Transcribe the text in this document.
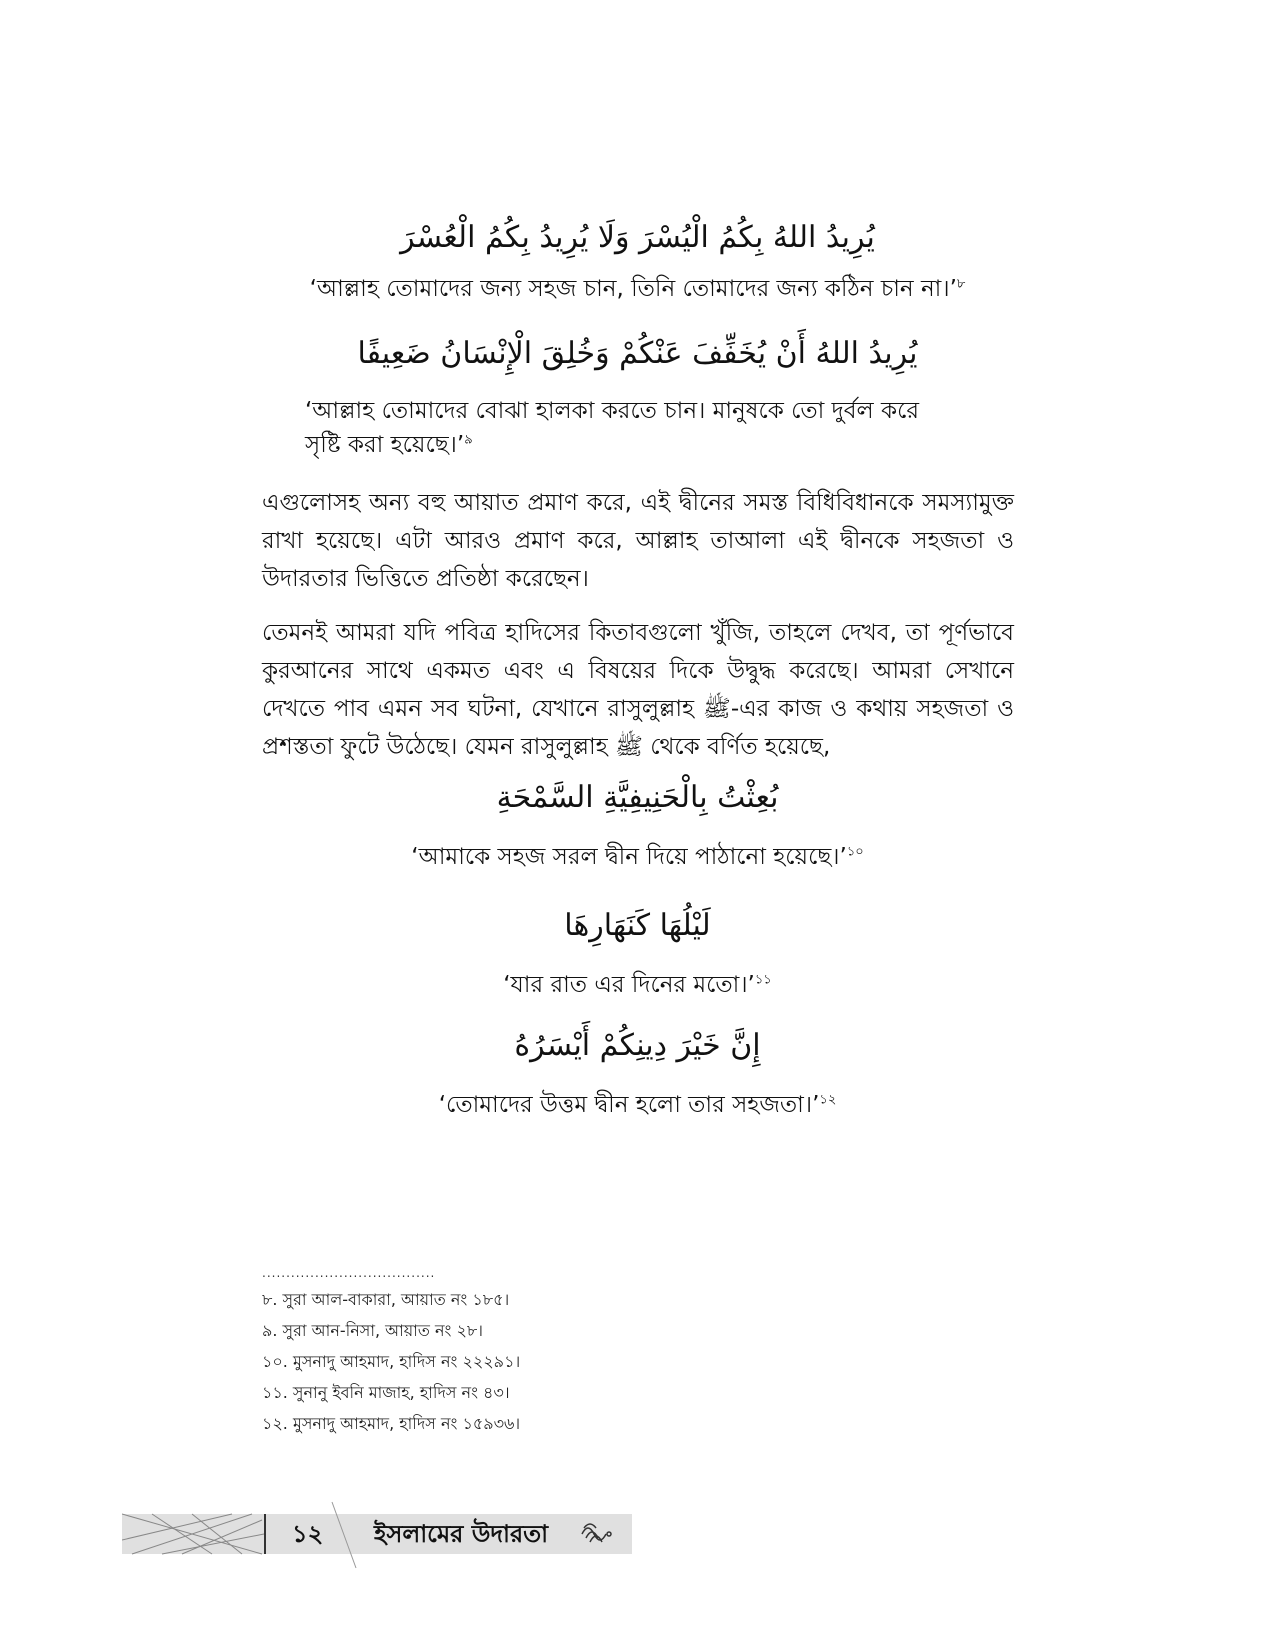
يُرِيدُ اللهُ بِكُمُ الْيُسْرَ وَلَا يُرِيدُ بِكُمُ الْعُسْرَ
‘আল্লাহ তোমাদের জন্য সহজ চান, তিনি তোমাদের জন্য কঠিন চান না।’$^৮$
يُرِيدُ اللهُ أَنْ يُخَفِّفَ عَنْكُمْ وَخُلِقَ الْإِنْسَانُ ضَعِيفًا
‘আল্লাহ তোমাদের বোঝা হালকা করতে চান। মানুষকে তো দুর্বল করে
সৃষ্টি করা হয়েছে।’$^৯$
এগুলোসহ অন্য বহু আয়াত প্রমাণ করে, এই দ্বীনের সমস্ত বিধিবিধানকে সমস্যামুক্ত রাখা হয়েছে। এটা আরও প্রমাণ করে, আল্লাহ তাআলা এই দ্বীনকে সহজতা ও উদারতার ভিত্তিতে প্রতিষ্ঠা করেছেন।
তেমনই আমরা যদি পবিত্র হাদিসের কিতাবগুলো খুঁজি, তাহলে দেখব, তা পূর্ণভাবে কুরআনের সাথে একমত এবং এ বিষয়ের দিকে উদ্বুদ্ধ করেছে। আমরা সেখানে দেখতে পাব এমন সব ঘটনা, যেখানে রাসুলুল্লাহ ﷺ-এর কাজ ও কথায় সহজতা ও প্রশস্ততা ফুটে উঠেছে। যেমন রাসুলুল্লাহ ﷺ থেকে বর্ণিত হয়েছে,
بُعِثْتُ بِالْحَنِيفِيَّةِ السَّمْحَةِ
‘আমাকে সহজ সরল দ্বীন দিয়ে পাঠানো হয়েছে।’$^{১০}$
لَيْلُهَا كَنَهَارِهَا
‘যার রাত এর দিনের মতো।’$^{১১}$
إِنَّ خَيْرَ دِينِكُمْ أَيْسَرُهُ
‘তোমাদের উত্তম দ্বীন হলো তার সহজতা।’$^{১২}$
....................................
৮. সুরা আল-বাকারা, আয়াত নং ১৮৫।
৯. সুরা আন-নিসা, আয়াত নং ২৮।
১০. মুসনাদু আহমাদ, হাদিস নং ২২২৯১।
১১. সুনানু ইবনি মাজাহ, হাদিস নং ৪৩।
১২. মুসনাদু আহমাদ, হাদিস নং ১৫৯৩৬।
১২ ইসলামের উদারতা
